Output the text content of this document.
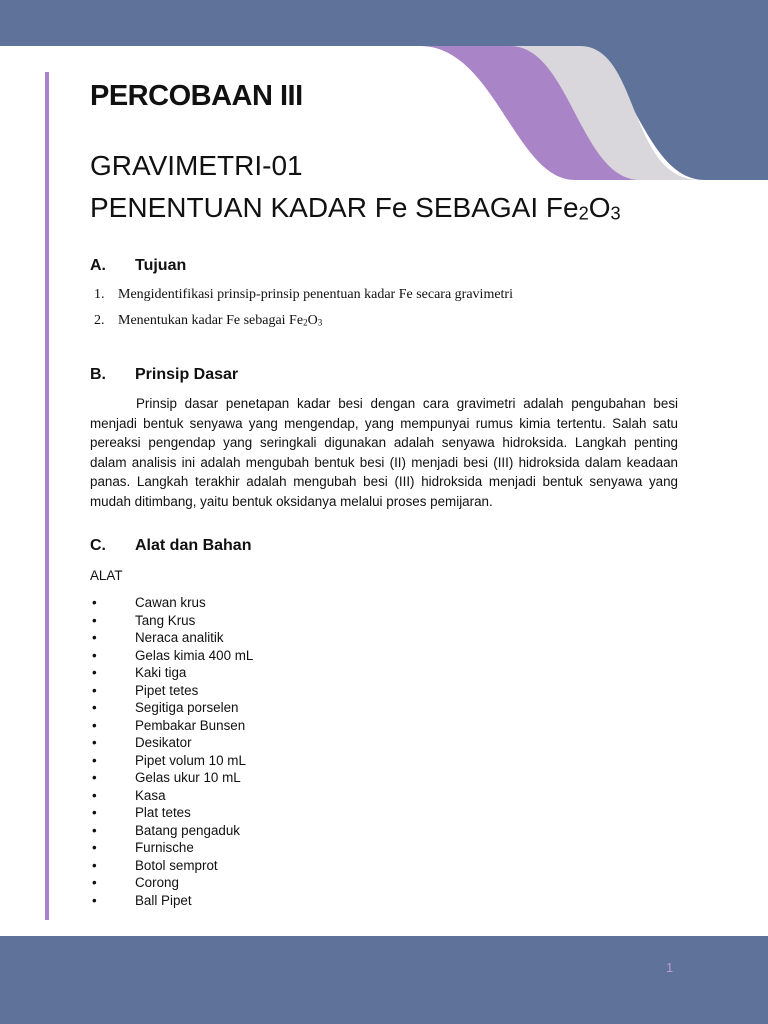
PERCOBAAN III
GRAVIMETRI-01
PENENTUAN KADAR Fe SEBAGAI $Fe_2O_3$
A. Tujuan
1. Mengidentifikasi prinsip-prinsip penentuan kadar Fe secara gravimetri
2. Menentukan kadar Fe sebagai $Fe_2O_3$
B. Prinsip Dasar

Prinsip dasar penetapan kadar besi dengan cara gravimetri adalah pengubahan besi menjadi bentuk senyawa yang mengendap, yang mempunyai rumus kimia tertentu. Salah satu pereaksi pengendap yang seringkali digunakan adalah senyawa hidroksida. Langkah penting dalam analisis ini adalah mengubah bentuk besi (II) menjadi besi (III) hidroksida dalam keadaan panas. Langkah terakhir adalah mengubah besi (III) hidroksida menjadi bentuk senyawa yang mudah ditimbang, yaitu bentuk oksidanya melalui proses pemijaran.

C. Alat dan Bahan
ALAT
•	Cawan krus
•	Tang Krus
•	Neraca analitik
•	Gelas kimia 400 mL
•	Kaki tiga
•	Pipet tetes
•	Segitiga porselen
•	Pembakar Bunsen
•	Desikator
•	Pipet volum 10 mL
•	Gelas ukur 10 mL
•	Kasa
•	Plat tetes
•	Batang pengaduk
•	Furnische
•	Botol semprot
•	Corong
•	Ball Pipet
1
